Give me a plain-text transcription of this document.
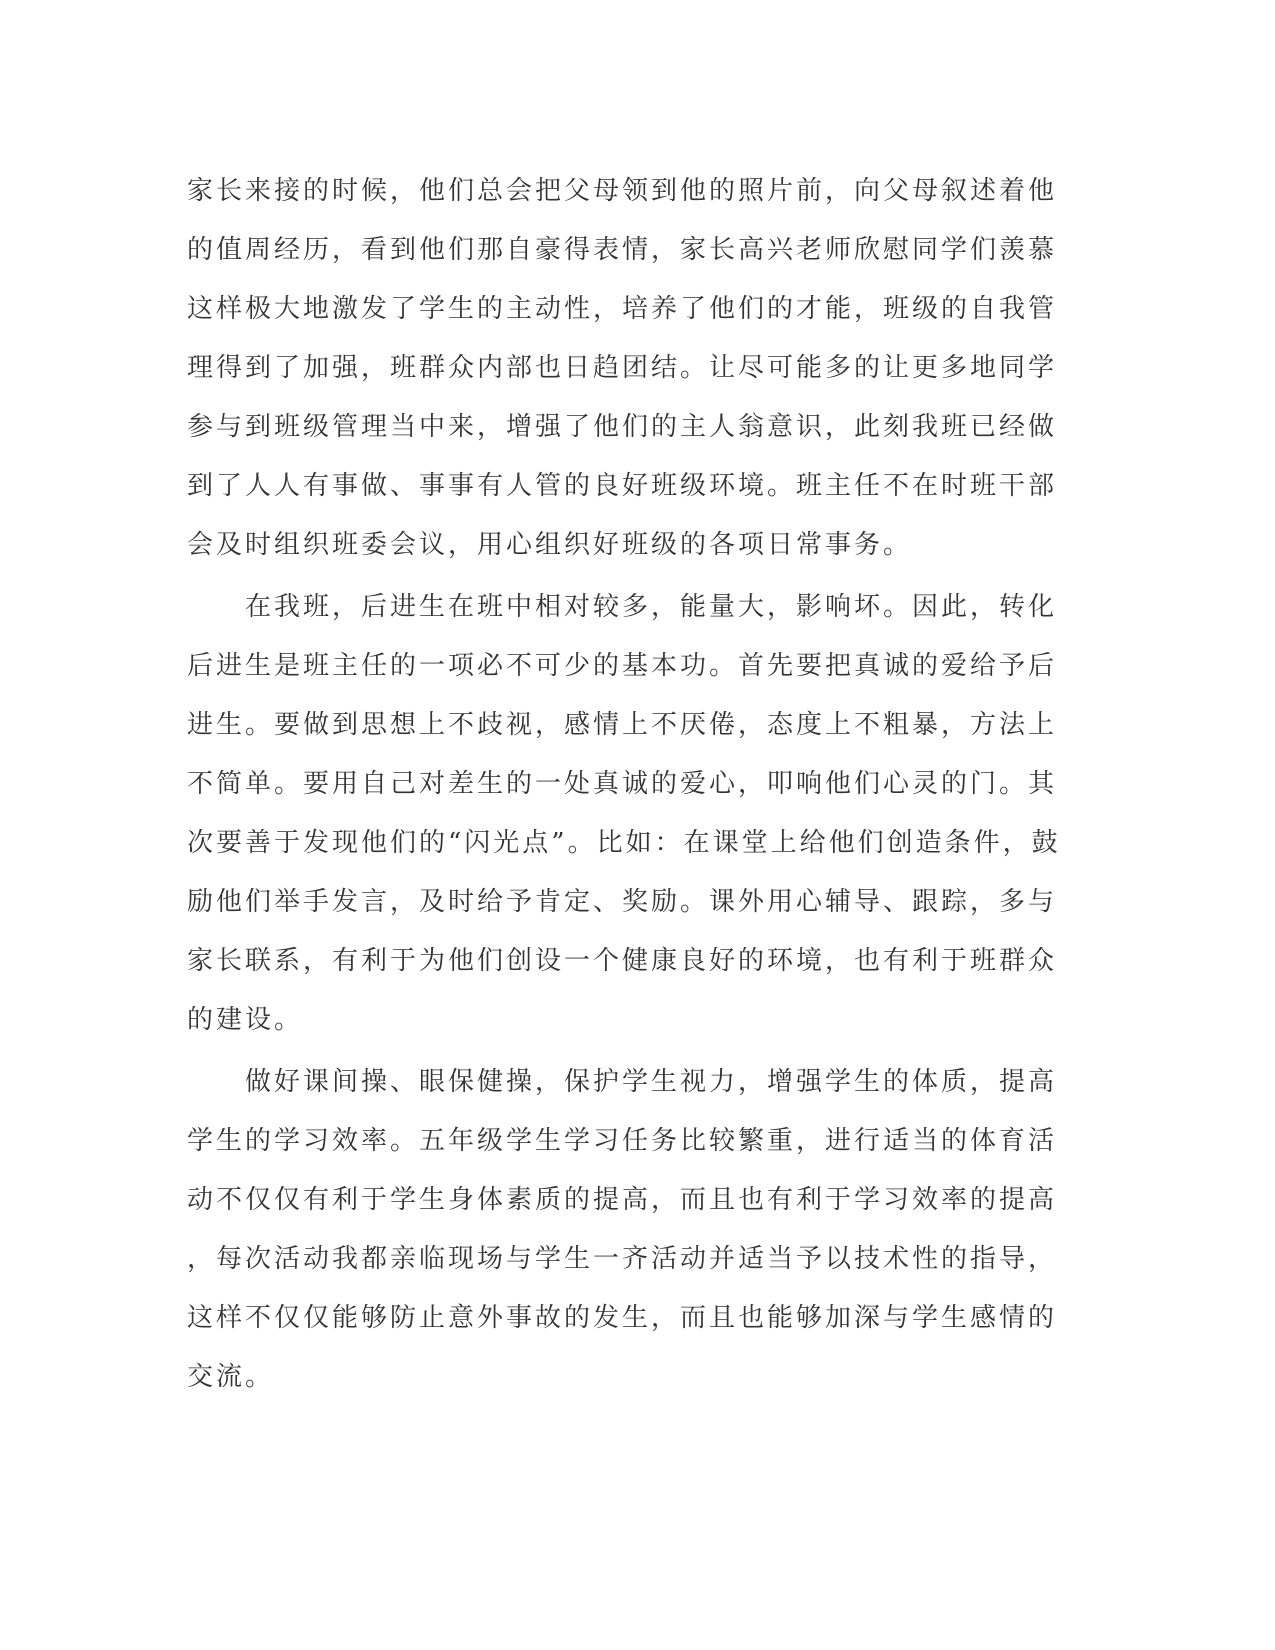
家长来接的时候，他们总会把父母领到他的照片前，向父母叙述着他
的值周经历，看到他们那自豪得表情，家长高兴老师欣慰同学们羡慕
这样极大地激发了学生的主动性，培养了他们的才能，班级的自我管
理得到了加强，班群众内部也日趋团结。让尽可能多的让更多地同学
参与到班级管理当中来，增强了他们的主人翁意识，此刻我班已经做
到了人人有事做、事事有人管的良好班级环境。班主任不在时班干部
会及时组织班委会议，用心组织好班级的各项日常事务。
　　在我班，后进生在班中相对较多，能量大，影响坏。因此，转化
后进生是班主任的一项必不可少的基本功。首先要把真诚的爱给予后
进生。要做到思想上不歧视，感情上不厌倦，态度上不粗暴，方法上
不简单。要用自己对差生的一处真诚的爱心，叩响他们心灵的门。其
次要善于发现他们的“闪光点”。比如：在课堂上给他们创造条件，鼓
励他们举手发言，及时给予肯定、奖励。课外用心辅导、跟踪，多与
家长联系，有利于为他们创设一个健康良好的环境，也有利于班群众
的建设。
　　做好课间操、眼保健操，保护学生视力，增强学生的体质，提高
学生的学习效率。五年级学生学习任务比较繁重，进行适当的体育活
动不仅仅有利于学生身体素质的提高，而且也有利于学习效率的提高
，每次活动我都亲临现场与学生一齐活动并适当予以技术性的指导，
这样不仅仅能够防止意外事故的发生，而且也能够加深与学生感情的
交流。
